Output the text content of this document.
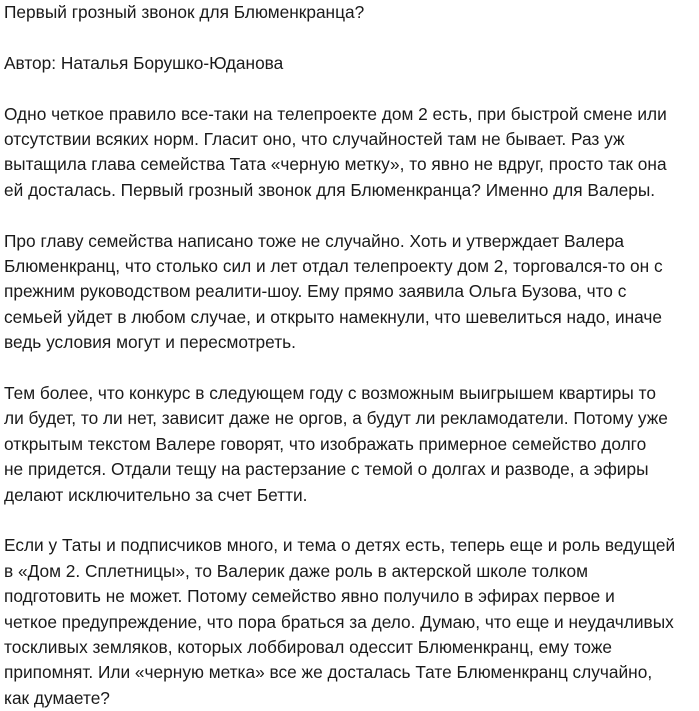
Первый грозный звонок для Блюменкранца?

Автор: Наталья Борушко-Юданова

Одно четкое правило все-таки на телепроекте дом 2 есть, при быстрой смене или
отсутствии всяких норм. Гласит оно, что случайностей там не бывает. Раз уж
вытащила глава семейства Тата «черную метку», то явно не вдруг, просто так она
ей досталась. Первый грозный звонок для Блюменкранца? Именно для Валеры.

Про главу семейства написано тоже не случайно. Хоть и утверждает Валера
Блюменкранц, что столько сил и лет отдал телепроекту дом 2, торговался-то он с
прежним руководством реалити-шоу. Ему прямо заявила Ольга Бузова, что с
семьей уйдет в любом случае, и открыто намекнули, что шевелиться надо, иначе
ведь условия могут и пересмотреть.

Тем более, что конкурс в следующем году с возможным выигрышем квартиры то
ли будет, то ли нет, зависит даже не оргов, а будут ли рекламодатели. Потому уже
открытым текстом Валере говорят, что изображать примерное семейство долго
не придется. Отдали тещу на растерзание с темой о долгах и разводе, а эфиры
делают исключительно за счет Бетти.

Если у Таты и подписчиков много, и тема о детях есть, теперь еще и роль ведущей
в «Дом 2. Сплетницы», то Валерик даже роль в актерской школе толком
подготовить не может. Потому семейство явно получило в эфирах первое и
четкое предупреждение, что пора браться за дело. Думаю, что еще и неудачливых
тоскливых земляков, которых лоббировал одессит Блюменкранц, ему тоже
припомнят. Или «черную метка» все же досталась Тате Блюменкранц случайно,
как думаете?
